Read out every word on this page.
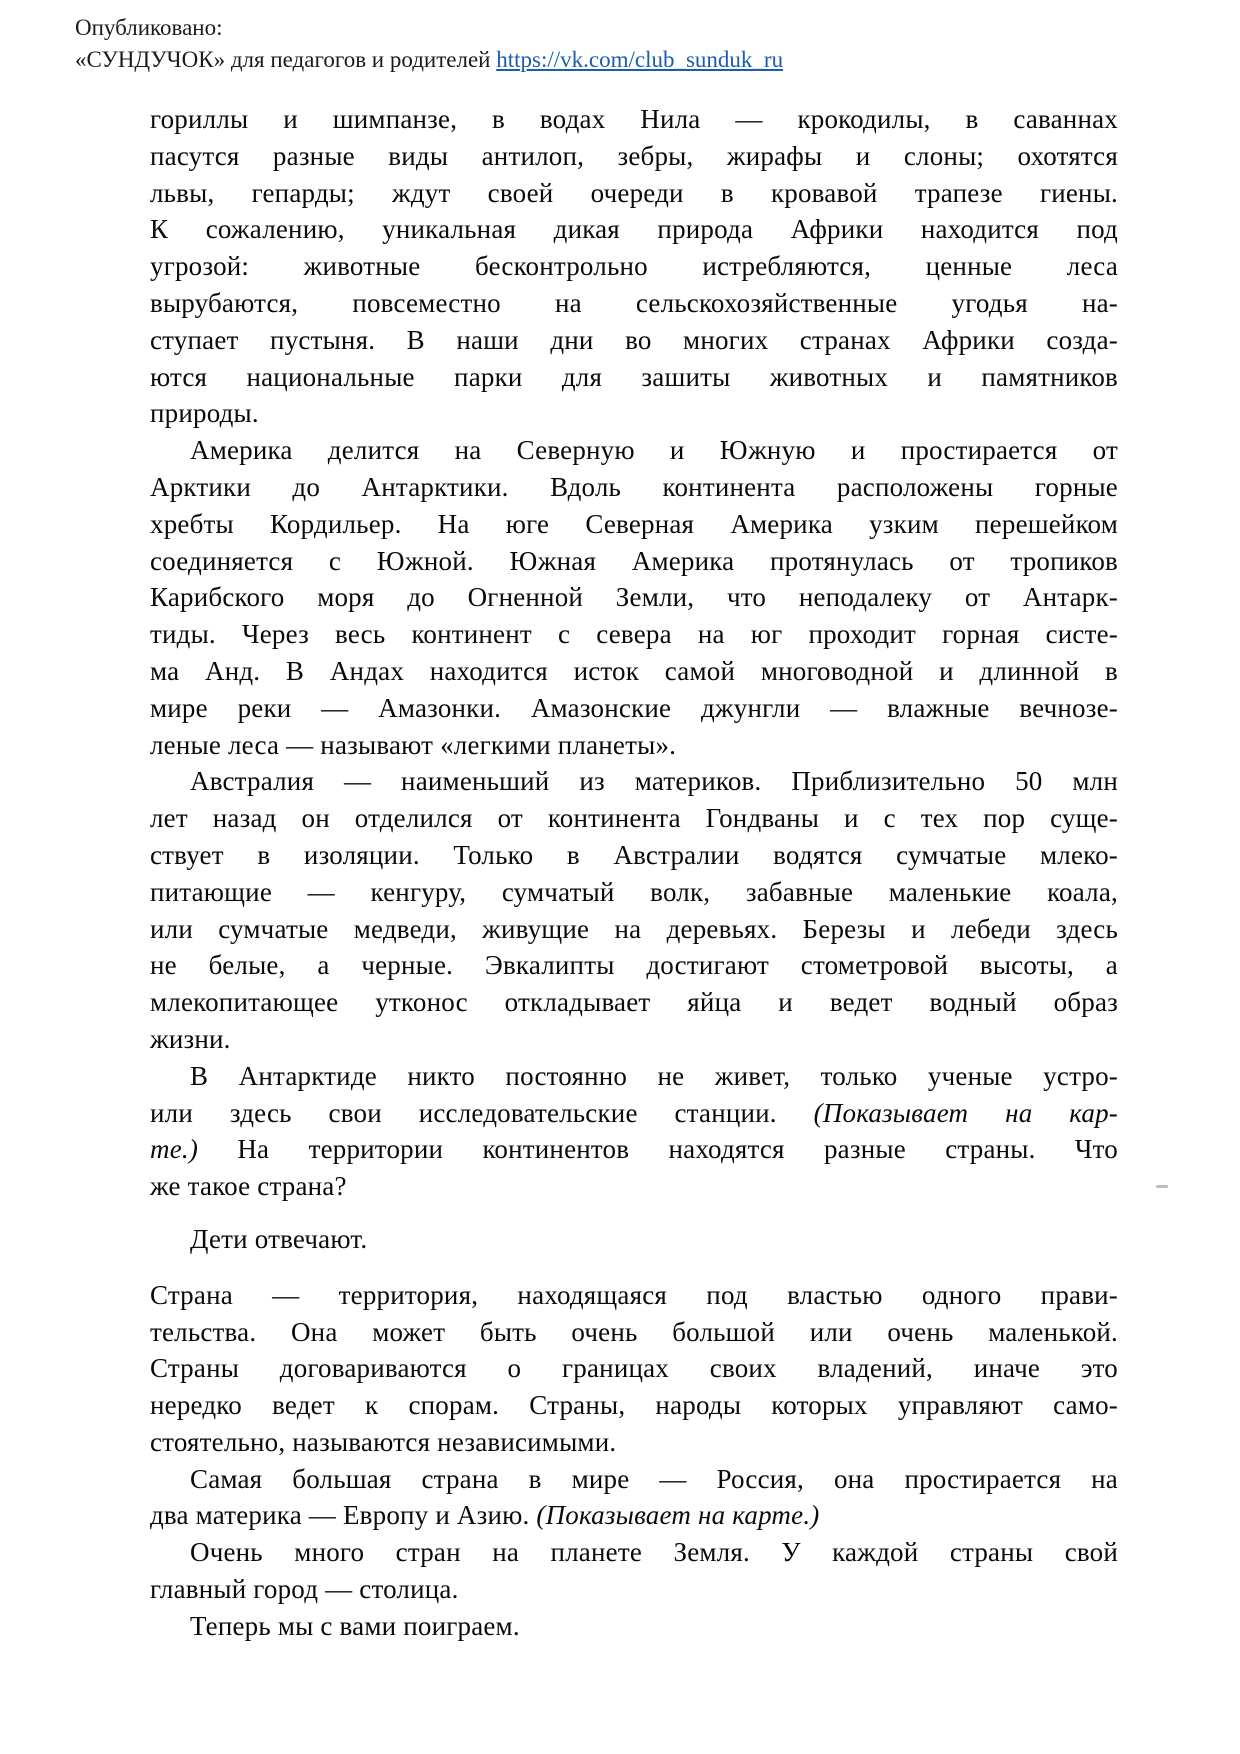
Опубликовано:
«СУНДУЧОК» для педагогов и родителей https://vk.com/club_sunduk_ru
гориллы и шимпанзе, в водах Нила — крокодилы, в саваннах
пасутся разные виды антилоп, зебры, жирафы и слоны; охотятся
львы, гепарды; ждут своей очереди в кровавой трапезе гиены.
К сожалению, уникальная дикая природа Африки находится под
угрозой: животные бесконтрольно истребляются, ценные леса
вырубаются, повсеместно на сельскохозяйственные угодья на-
ступает пустыня. В наши дни во многих странах Африки созда-
ются национальные парки для зашиты животных и памятников
природы.
Америка делится на Северную и Южную и простирается от
Арктики до Антарктики. Вдоль континента расположены горные
хребты Кордильер. На юге Северная Америка узким перешейком
соединяется с Южной. Южная Америка протянулась от тропиков
Карибского моря до Огненной Земли, что неподалеку от Антарк-
тиды. Через весь континент с севера на юг проходит горная систе-
ма Анд. В Андах находится исток самой многоводной и длинной в
мире реки — Амазонки. Амазонские джунгли — влажные вечнозе-
леные леса — называют «легкими планеты».
Австралия — наименьший из материков. Приблизительно 50 млн
лет назад он отделился от континента Гондваны и с тех пор суще-
ствует в изоляции. Только в Австралии водятся сумчатые млеко-
питающие — кенгуру, сумчатый волк, забавные маленькие коала,
или сумчатые медведи, живущие на деревьях. Березы и лебеди здесь
не белые, а черные. Эвкалипты достигают стометровой высоты, а
млекопитающее утконос откладывает яйца и ведет водный образ
жизни.
В Антарктиде никто постоянно не живет, только ученые устро-
или здесь свои исследовательские станции. (Показывает на кар-
те.) На территории континентов находятся разные страны. Что
же такое страна?
Дети отвечают.
Страна — территория, находящаяся под властью одного прави-
тельства. Она может быть очень большой или очень маленькой.
Страны договариваются о границах своих владений, иначе это
нередко ведет к спорам. Страны, народы которых управляют само-
стоятельно, называются независимыми.
Самая большая страна в мире — Россия, она простирается на
два материка — Европу и Азию. (Показывает на карте.)
Очень много стран на планете Земля. У каждой страны свой
главный город — столица.
Теперь мы с вами поиграем.
